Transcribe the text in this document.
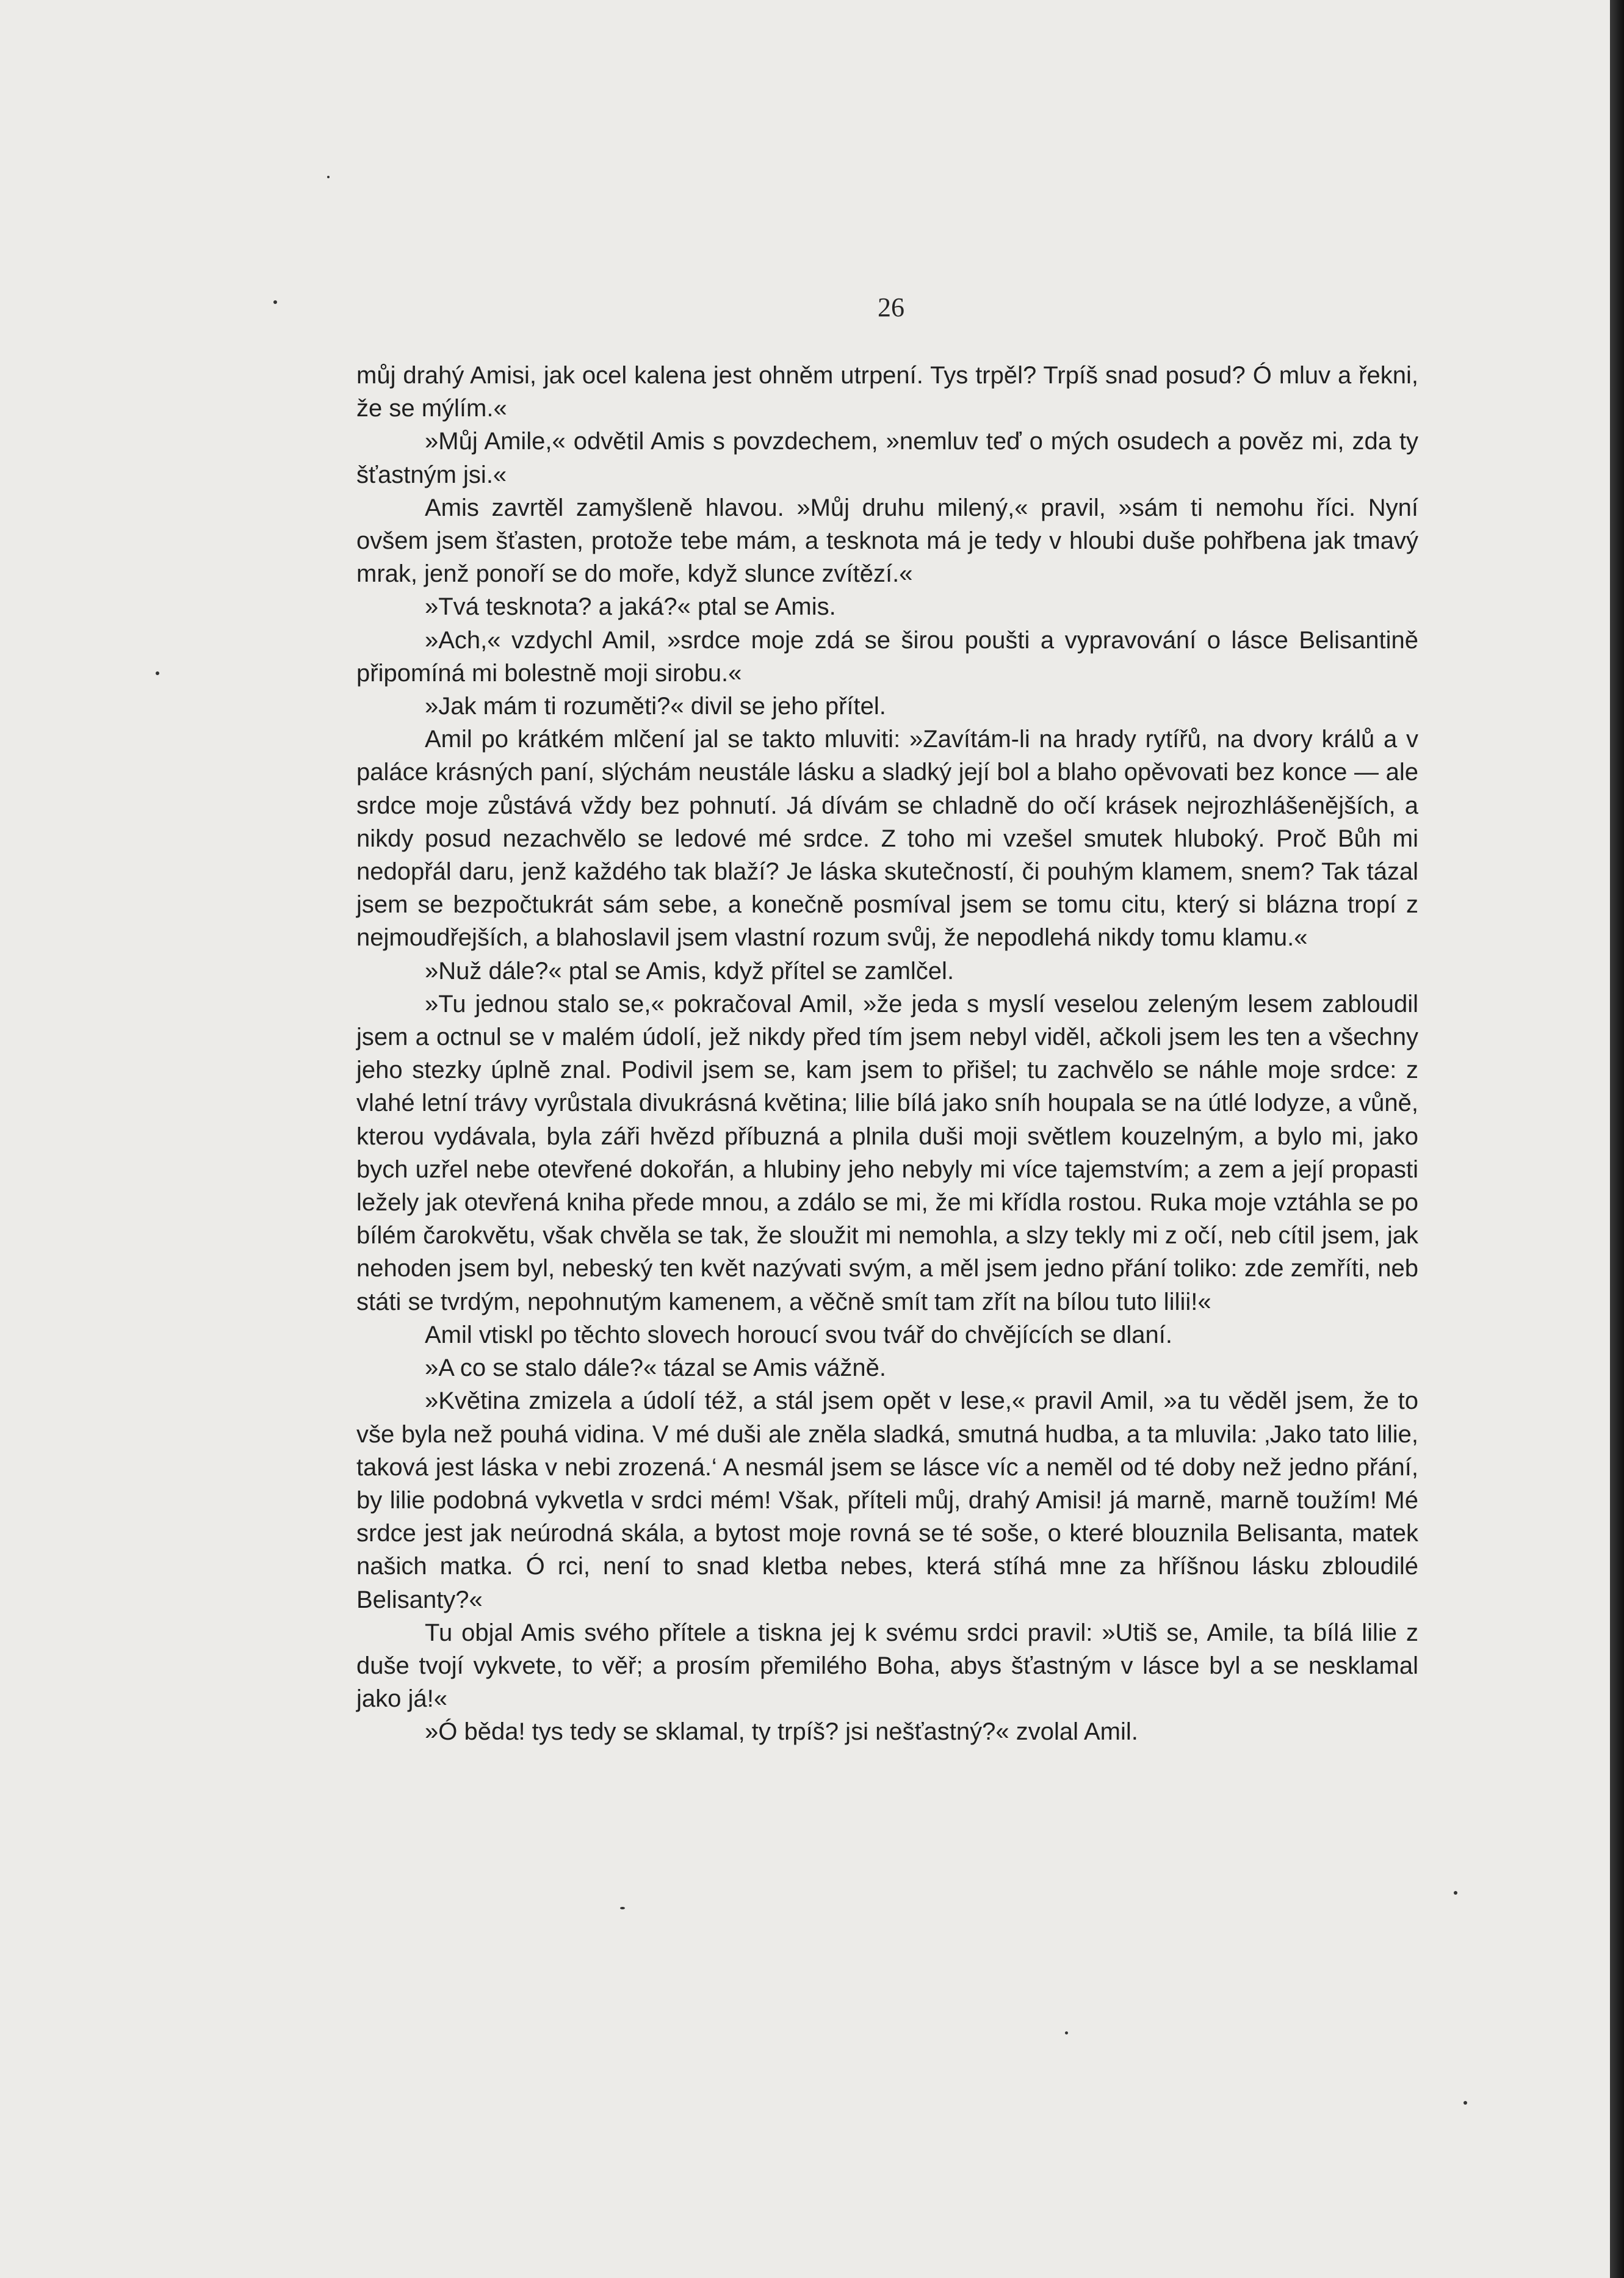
26

můj drahý Amisi, jak ocel kalena jest ohněm utrpení. Tys trpěl? Trpíš snad posud? Ó mluv a řekni, že se mýlím.«

»Můj Amile,« odvětil Amis s povzdechem, »nemluv teď o mých osudech a pověz mi, zda ty šťastným jsi.«

Amis zavrtěl zamyšleně hlavou. »Můj druhu milený,« pravil, »sám ti nemohu říci. Nyní ovšem jsem šťasten, protože tebe mám, a tesknota má je tedy v hloubi duše pohřbena jak tmavý mrak, jenž ponoří se do moře, když slunce zvítězí.«

»Tvá tesknota? a jaká?« ptal se Amis.

»Ach,« vzdychl Amil, »srdce moje zdá se širou poušti a vypravování o lásce Belisantině připomíná mi bolestně moji sirobu.«

»Jak mám ti rozuměti?« divil se jeho přítel.

Amil po krátkém mlčení jal se takto mluviti: »Zavítám-li na hrady rytířů, na dvory králů a v paláce krásných paní, slýchám neustále lásku a sladký její bol a blaho opěvovati bez konce — ale srdce moje zůstává vždy bez pohnutí. Já dívám se chladně do očí krásek nejrozhlášenějších, a nikdy posud nezachvělo se ledové mé srdce. Z toho mi vzešel smutek hluboký. Proč Bůh mi nedopřál daru, jenž každého tak blaží? Je láska skutečností, či pouhým klamem, snem? Tak tázal jsem se bezpočtukrát sám sebe, a konečně posmíval jsem se tomu citu, který si blázna tropí z nejmoudřejších, a blahoslavil jsem vlastní rozum svůj, že nepodlehá nikdy tomu klamu.«

»Nuž dále?« ptal se Amis, když přítel se zamlčel.

»Tu jednou stalo se,« pokračoval Amil, »že jeda s myslí veselou zeleným lesem zabloudil jsem a octnul se v malém údolí, jež nikdy před tím jsem nebyl viděl, ačkoli jsem les ten a všechny jeho stezky úplně znal. Podivil jsem se, kam jsem to přišel; tu zachvělo se náhle moje srdce: z vlahé letní trávy vyrůstala divukrásná květina; lilie bílá jako sníh houpala se na útlé lodyze, a vůně, kterou vydávala, byla záři hvězd příbuzná a plnila duši moji světlem kouzelným, a bylo mi, jako bych uzřel nebe otevřené dokořán, a hlubiny jeho nebyly mi více tajemstvím; a zem a její propasti ležely jak otevřená kniha přede mnou, a zdálo se mi, že mi křídla rostou. Ruka moje vztáhla se po bílém čarokvětu, však chvěla se tak, že sloužit mi nemohla, a slzy tekly mi z očí, neb cítil jsem, jak nehoden jsem byl, nebeský ten květ nazývati svým, a měl jsem jedno přání toliko: zde zemříti, neb státi se tvrdým, nepohnutým kamenem, a věčně smít tam zřít na bílou tuto lilii!«

Amil vtiskl po těchto slovech horoucí svou tvář do chvějících se dlaní.

»A co se stalo dále?« tázal se Amis vážně.

»Květina zmizela a údolí též, a stál jsem opět v lese,« pravil Amil, »a tu věděl jsem, že to vše byla než pouhá vidina. V mé duši ale zněla sladká, smutná hudba, a ta mluvila: ‚Jako tato lilie, taková jest láska v nebi zrozená.‘ A nesmál jsem se lásce víc a neměl od té doby než jedno přání, by lilie podobná vykvetla v srdci mém! Však, příteli můj, drahý Amisi! já marně, marně toužím! Mé srdce jest jak neúrodná skála, a bytost moje rovná se té soše, o které blouznila Belisanta, matek našich matka. Ó rci, není to snad kletba nebes, která stíhá mne za hříšnou lásku zbloudilé Belisanty?«

Tu objal Amis svého přítele a tiskna jej k svému srdci pravil: »Utiš se, Amile, ta bílá lilie z duše tvojí vykvete, to věř; a prosím přemilého Boha, abys šťastným v lásce byl a se nesklamal jako já!«

»Ó běda! tys tedy se sklamal, ty trpíš? jsi nešťastný?« zvolal Amil.
